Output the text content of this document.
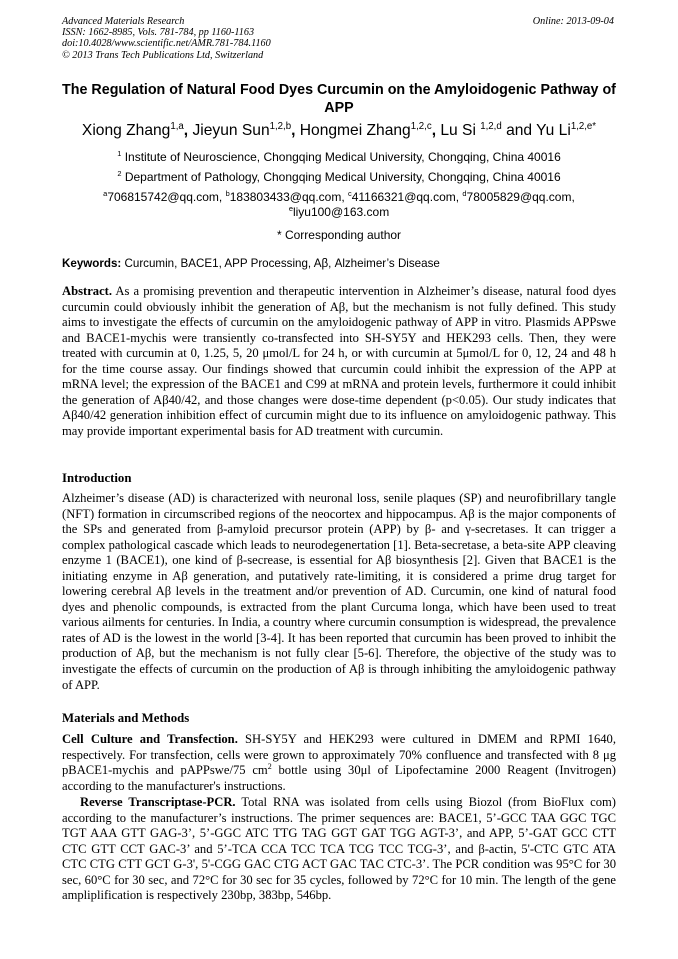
Advanced Materials Research
ISSN: 1662-8985, Vols. 781-784, pp 1160-1163
doi:10.4028/www.scientific.net/AMR.781-784.1160
© 2013 Trans Tech Publications Ltd, Switzerland
Online: 2013-09-04
The Regulation of Natural Food Dyes Curcumin on the Amyloidogenic Pathway of APP
Xiong Zhang$^{1,a}$, Jieyun Sun$^{1,2,b}$, Hongmei Zhang$^{1,2,c}$, Lu Si $^{1,2,d}$ and Yu $Li^{1,2,e*}$
$^1$ Institute of Neuroscience, Chongqing Medical University, Chongqing, China 40016
$^2$ Department of Pathology, Chongqing Medical University, Chongqing, China 40016
$^a$706815742@qq.com, $^b$183803433@qq.com, $^c$41166321@qq.com, $^d$78005829@qq.com,
$^e$liyu100@163.com
* Corresponding author
Keywords: Curcumin, BACE1, APP Processing, Aβ, Alzheimer’s Disease
Abstract. As a promising prevention and therapeutic intervention in Alzheimer’s disease, natural food dyes curcumin could obviously inhibit the generation of Aβ, but the mechanism is not fully defined. This study aims to investigate the effects of curcumin on the amyloidogenic pathway of APP in vitro. Plasmids APPswe and BACE1-mychis were transiently co-transfected into SH-SY5Y and HEK293 cells. Then, they were treated with curcumin at 0, 1.25, 5, 20 μmol/L for 24 h, or with curcumin at 5μmol/L for 0, 12, 24 and 48 h for the time course assay. Our findings showed that curcumin could inhibit the expression of the APP at mRNA level; the expression of the BACE1 and C99 at mRNA and protein levels, furthermore it could inhibit the generation of Aβ40/42, and those changes were dose-time dependent (p<0.05). Our study indicates that Aβ40/42 generation inhibition effect of curcumin might due to its influence on amyloidogenic pathway. This may provide important experimental basis for AD treatment with curcumin.
Introduction
Alzheimer’s disease (AD) is characterized with neuronal loss, senile plaques (SP) and neurofibrillary tangle (NFT) formation in circumscribed regions of the neocortex and hippocampus. Aβ is the major components of the SPs and generated from β-amyloid precursor protein (APP) by β- and γ-secretases. It can trigger a complex pathological cascade which leads to neurodegenertation [1]. Beta-secretase, a beta-site APP cleaving enzyme 1 (BACE1), one kind of β-secrease, is essential for Aβ biosynthesis [2]. Given that BACE1 is the initiating enzyme in Aβ generation, and putatively rate-limiting, it is considered a prime drug target for lowering cerebral Aβ levels in the treatment and/or prevention of AD. Curcumin, one kind of natural food dyes and phenolic compounds, is extracted from the plant Curcuma longa, which have been used to treat various ailments for centuries. In India, a country where curcumin consumption is widespread, the prevalence rates of AD is the lowest in the world [3-4]. It has been reported that curcumin has been proved to inhibit the production of Aβ, but the mechanism is not fully clear [5-6]. Therefore, the objective of the study was to investigate the effects of curcumin on the production of Aβ is through inhibiting the amyloidogenic pathway of APP.
Materials and Methods
Cell Culture and Transfection. SH-SY5Y and HEK293 were cultured in DMEM and RPMI 1640, respectively. For transfection, cells were grown to approximately 70% confluence and transfected with 8 μg pBACE1-mychis and pAPPswe/75 $cm^2$ bottle using 30μl of Lipofectamine 2000 Reagent (Invitrogen) according to the manufacturer's instructions.
Reverse Transcriptase-PCR. Total RNA was isolated from cells using Biozol (from BioFlux com) according to the manufacturer’s instructions. The primer sequences are: BACE1, 5’-GCC TAA GGC TGC TGT AAA GTT GAG-3’, 5’-GGC ATC TTG TAG GGT GAT TGG AGT-3’, and APP, 5’-GAT GCC CTT CTC GTT CCT GAC-3’ and 5’-TCA CCA TCC TCA TCG TCC TCG-3’, and β-actin, 5'-CTC GTC ATA CTC CTG CTT GCT G-3', 5'-CGG GAC CTG ACT GAC TAC CTC-3’. The PCR condition was 95°C for 30 sec, 60°C for 30 sec, and 72°C for 30 sec for 35 cycles, followed by 72°C for 10 min. The length of the gene ampliplification is respectively 230bp, 383bp, 546bp.
